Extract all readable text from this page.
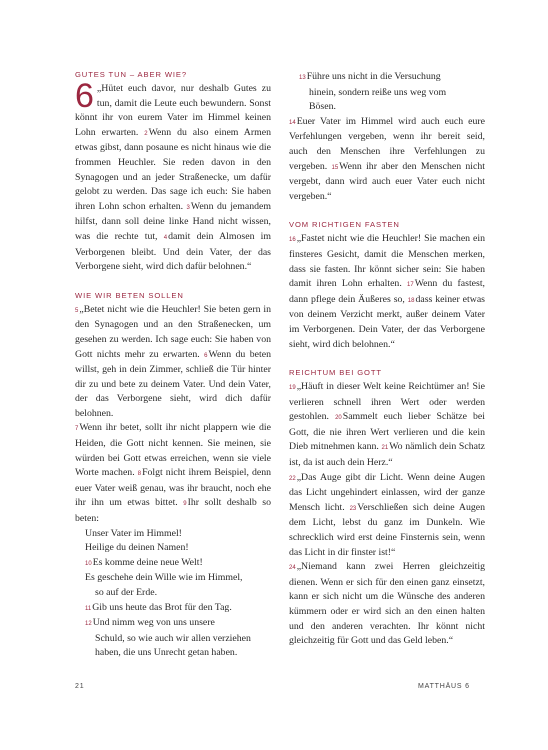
GUTES TUN – ABER WIE?

6 „Hütet euch davor, nur deshalb Gutes zu tun, damit die Leute euch bewundern. Sonst könnt ihr von eurem Vater im Himmel keinen Lohn erwarten. 2Wenn du also einem Armen etwas gibst, dann posaune es nicht hinaus wie die frommen Heuchler. Sie reden davon in den Synagogen und an jeder Straßenecke, um dafür gelobt zu werden. Das sage ich euch: Sie haben ihren Lohn schon erhalten. 3Wenn du jemandem hilfst, dann soll deine linke Hand nicht wissen, was die rechte tut, 4damit dein Almosen im Verborgenen bleibt. Und dein Vater, der das Verborgene sieht, wird dich dafür belohnen.“

WIE WIR BETEN SOLLEN

5„Betet nicht wie die Heuchler! Sie beten gern in den Synagogen und an den Straßenecken, um gesehen zu werden. Ich sage euch: Sie haben von Gott nichts mehr zu erwarten. 6Wenn du beten willst, geh in dein Zimmer, schließ die Tür hinter dir zu und bete zu deinem Vater. Und dein Vater, der das Verborgene sieht, wird dich dafür belohnen.

7Wenn ihr betet, sollt ihr nicht plappern wie die Heiden, die Gott nicht kennen. Sie meinen, sie würden bei Gott etwas erreichen, wenn sie viele Worte machen. 8Folgt nicht ihrem Beispiel, denn euer Vater weiß genau, was ihr braucht, noch ehe ihr ihn um etwas bittet. 9Ihr sollt deshalb so beten:

Unser Vater im Himmel!
Heilige du deinen Namen!
10Es komme deine neue Welt!
Es geschehe dein Wille wie im Himmel,
so auf der Erde.
11Gib uns heute das Brot für den Tag.
12Und nimm weg von uns unsere
Schuld, so wie auch wir allen verziehen
haben, die uns Unrecht getan haben.
13Führe uns nicht in die Versuchung
hinein, sondern reiße uns weg vom
Bösen.

14Euer Vater im Himmel wird auch euch eure Verfehlungen vergeben, wenn ihr bereit seid, auch den Menschen ihre Verfehlungen zu vergeben. 15Wenn ihr aber den Menschen nicht vergebt, dann wird auch euer Vater euch nicht vergeben.“

VOM RICHTIGEN FASTEN

16„Fastet nicht wie die Heuchler! Sie machen ein finsteres Gesicht, damit die Menschen merken, dass sie fasten. Ihr könnt sicher sein: Sie haben damit ihren Lohn erhalten. 17Wenn du fastest, dann pflege dein Äußeres so, 18dass keiner etwas von deinem Verzicht merkt, außer deinem Vater im Verborgenen. Dein Vater, der das Verborgene sieht, wird dich belohnen.“

REICHTUM BEI GOTT

19„Häuft in dieser Welt keine Reichtümer an! Sie verlieren schnell ihren Wert oder werden gestohlen. 20Sammelt euch lieber Schätze bei Gott, die nie ihren Wert verlieren und die kein Dieb mitnehmen kann. 21Wo nämlich dein Schatz ist, da ist auch dein Herz.“

22„Das Auge gibt dir Licht. Wenn deine Augen das Licht ungehindert einlassen, wird der ganze Mensch licht. 23Verschließen sich deine Augen dem Licht, lebst du ganz im Dunkeln. Wie schrecklich wird erst deine Finsternis sein, wenn das Licht in dir finster ist!“

24„Niemand kann zwei Herren gleichzeitig dienen. Wenn er sich für den einen ganz einsetzt, kann er sich nicht um die Wünsche des anderen kümmern oder er wird sich an den einen halten und den anderen verachten. Ihr könnt nicht gleichzeitig für Gott und das Geld leben.“

21	MATTHÄUS 6
